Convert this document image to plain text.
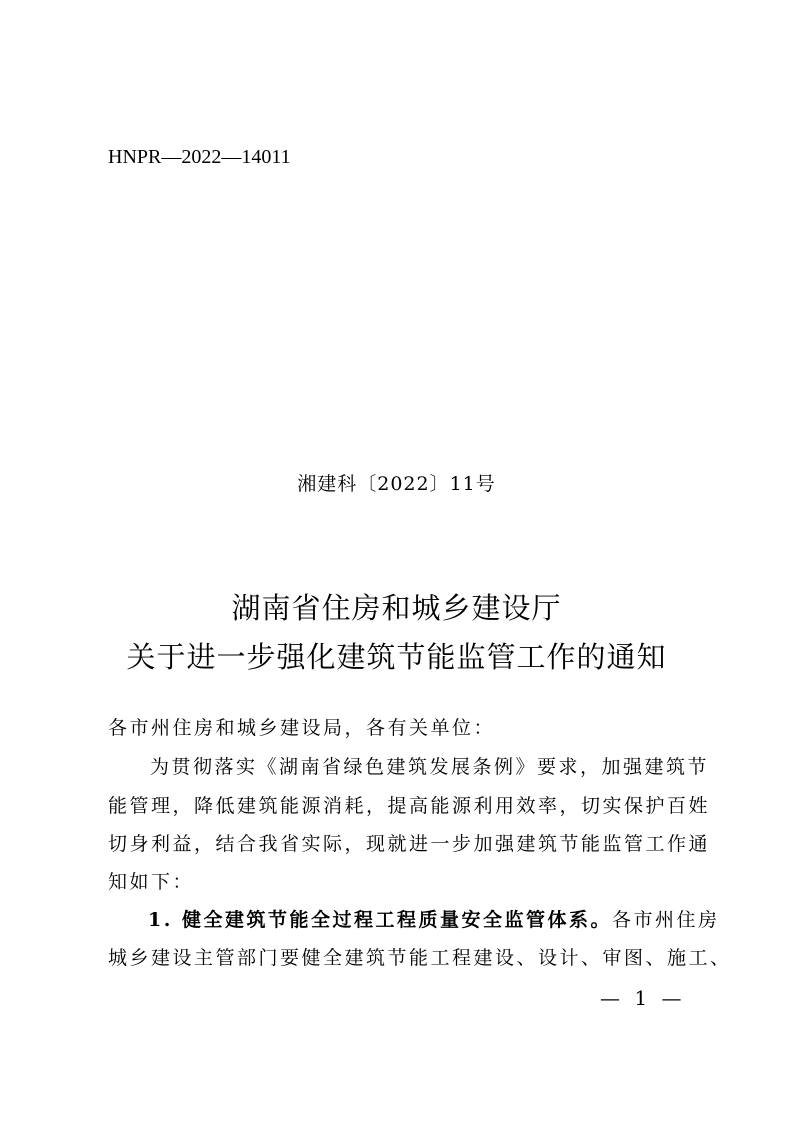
HNPR—2022—14011
湘建科〔2022〕11号
湖南省住房和城乡建设厅
关于进一步强化建筑节能监管工作的通知
各市州住房和城乡建设局，各有关单位：
为贯彻落实《湖南省绿色建筑发展条例》要求，加强建筑节
能管理，降低建筑能源消耗，提高能源利用效率，切实保护百姓
切身利益，结合我省实际，现就进一步加强建筑节能监管工作通
知如下：
1. 健全建筑节能全过程工程质量安全监管体系。各市州住房
城乡建设主管部门要健全建筑节能工程建设、设计、审图、施工、
— 1 —
